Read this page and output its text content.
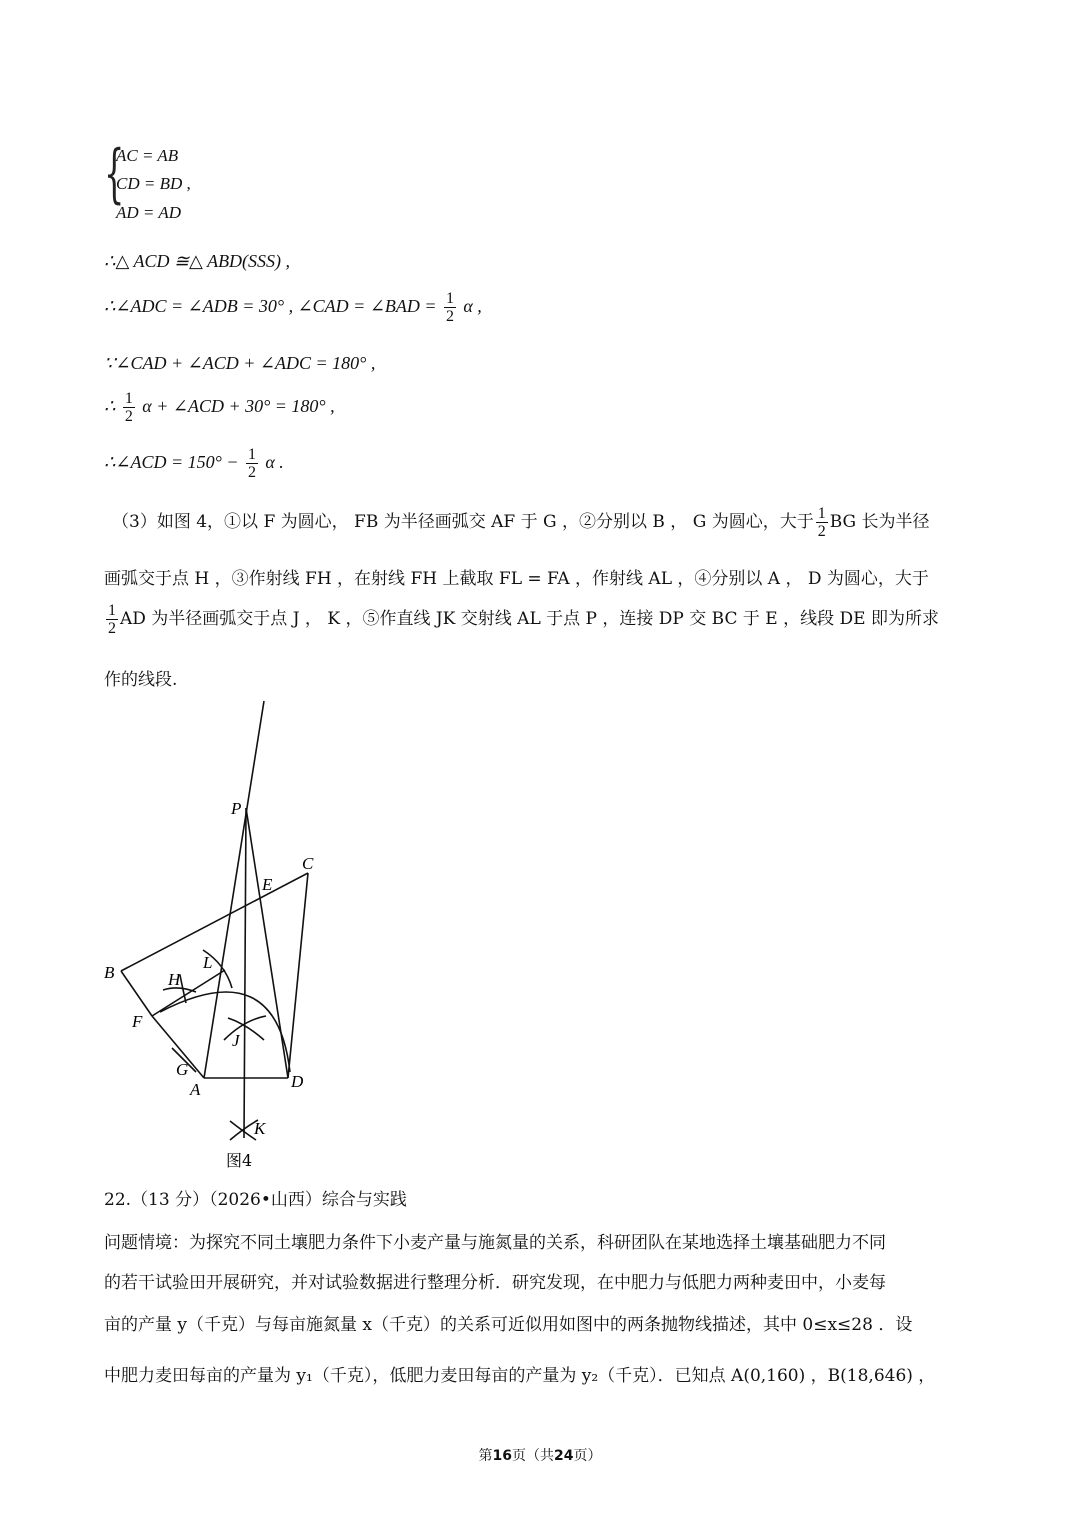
{
AC = AB
CD = BD ,
AD = AD
∴△ ACD ≅△ ABD(SSS) ,
∴∠ADC = ∠ADB = 30° , ∠CAD = ∠BAD = $\frac{1}{2}$ α ,
∵∠CAD + ∠ACD + ∠ADC = 180° ,
∴ $\frac{1}{2}$ α + ∠ACD + 30° = 180° ,
∴∠ACD = $150^\circ - \frac{1}{2}$ α .
（3）如图 4，①以 F 为圆心， FB 为半径画弧交 AF 于 G ，②分别以 B ， G 为圆心，大于 $\frac{1}{2}$ BG 长为半径
画弧交于点 H ，③作射线 FH ，在射线 FH 上截取 FL = FA ，作射线 AL ，④分别以 A ， D 为圆心，大于
$\frac{1}{2}$ AD 为半径画弧交于点 J ， K ，⑤作直线 JK 交射线 AL 于点 P ，连接 DP 交 BC 于 E ，线段 DE 即为所求
作的线段.
P
C
E
B	H
L
F
J
G
A	D
K
图4
22.（13 分）（2026•山西）综合与实践
问题情境：为探究不同土壤肥力条件下小麦产量与施氮量的关系，科研团队在某地选择土壤基础肥力不同
的若干试验田开展研究，并对试验数据进行整理分析．研究发现，在中肥力与低肥力两种麦田中，小麦每
亩的产量 y（千克）与每亩施氮量 x（千克）的关系可近似用如图中的两条抛物线描述，其中 0≤x≤28 ．设
中肥力麦田每亩的产量为 y₁（千克），低肥力麦田每亩的产量为 y₂（千克）．已知点 A(0,160) ，B(18,646) ，
第16页（共24页）
